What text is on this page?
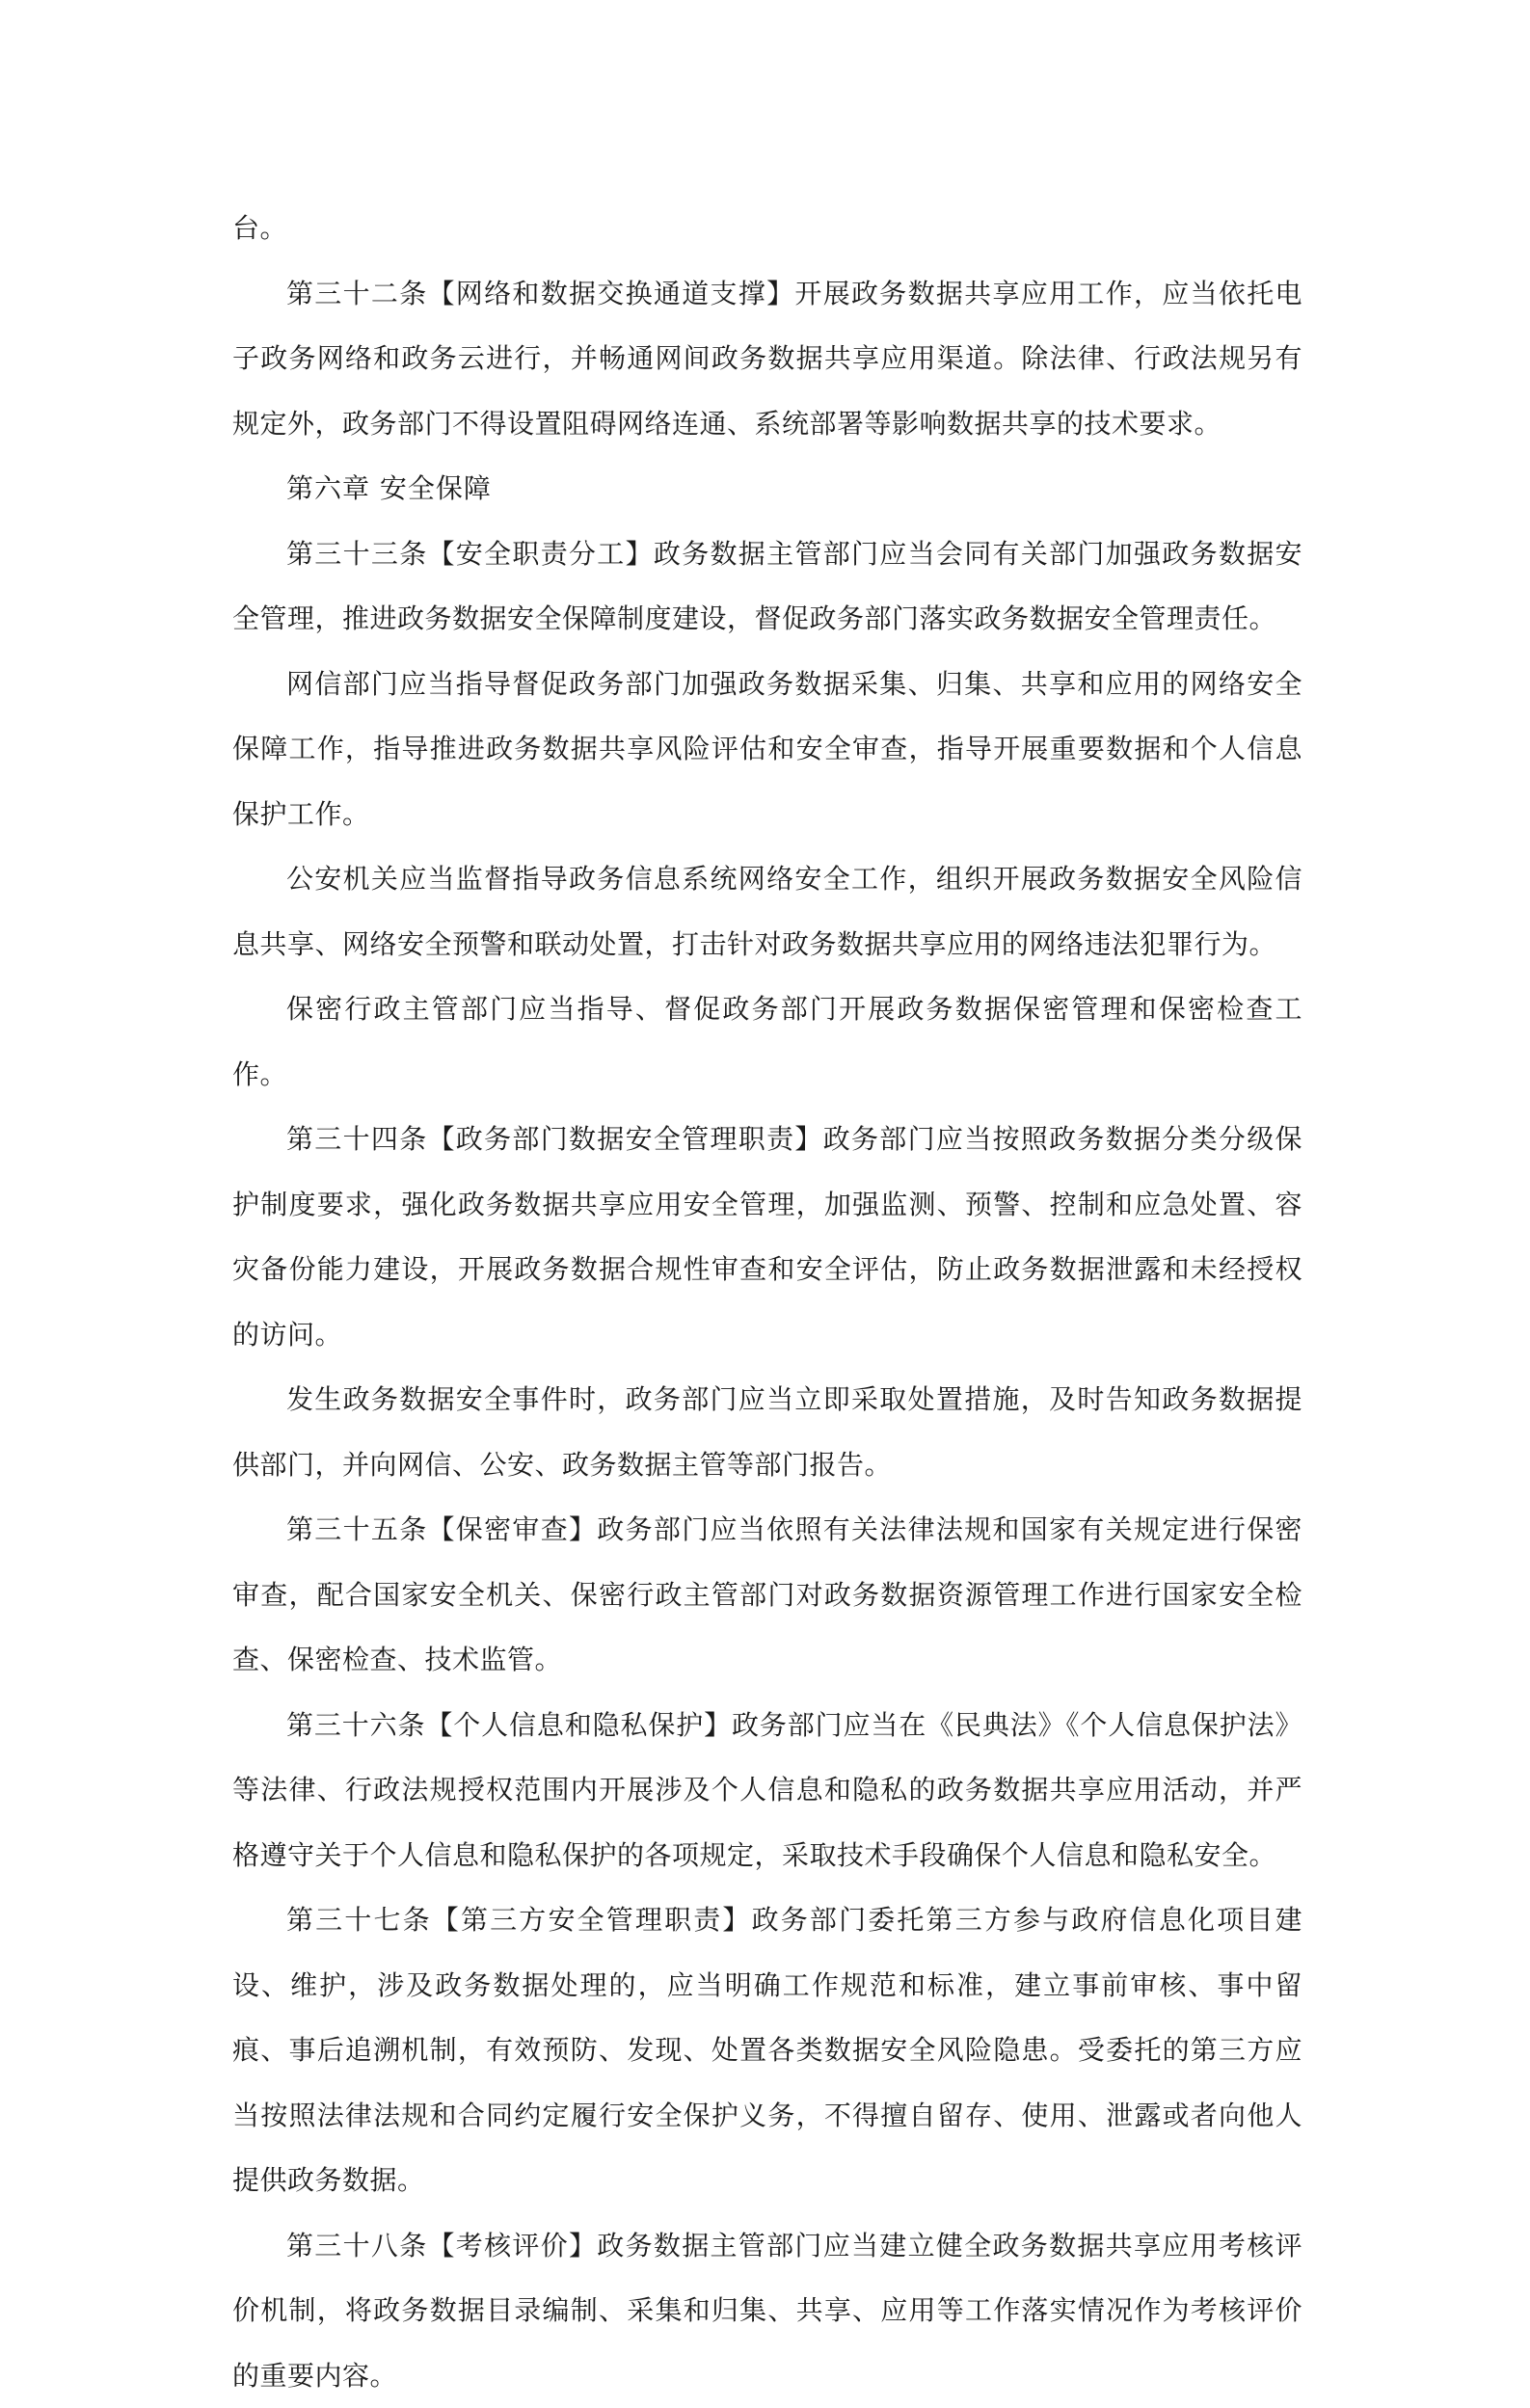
台。

第三十二条【网络和数据交换通道支撑】开展政务数据共享应用工作，应当依托电子政务网络和政务云进行，并畅通网间政务数据共享应用渠道。除法律、行政法规另有规定外，政务部门不得设置阻碍网络连通、系统部署等影响数据共享的技术要求。

第六章 安全保障

第三十三条【安全职责分工】政务数据主管部门应当会同有关部门加强政务数据安全管理，推进政务数据安全保障制度建设，督促政务部门落实政务数据安全管理责任。

网信部门应当指导督促政务部门加强政务数据采集、归集、共享和应用的网络安全保障工作，指导推进政务数据共享风险评估和安全审查，指导开展重要数据和个人信息保护工作。

公安机关应当监督指导政务信息系统网络安全工作，组织开展政务数据安全风险信息共享、网络安全预警和联动处置，打击针对政务数据共享应用的网络违法犯罪行为。

保密行政主管部门应当指导、督促政务部门开展政务数据保密管理和保密检查工作。

第三十四条【政务部门数据安全管理职责】政务部门应当按照政务数据分类分级保护制度要求，强化政务数据共享应用安全管理，加强监测、预警、控制和应急处置、容灾备份能力建设，开展政务数据合规性审查和安全评估，防止政务数据泄露和未经授权的访问。

发生政务数据安全事件时，政务部门应当立即采取处置措施，及时告知政务数据提供部门，并向网信、公安、政务数据主管等部门报告。

第三十五条【保密审查】政务部门应当依照有关法律法规和国家有关规定进行保密审查，配合国家安全机关、保密行政主管部门对政务数据资源管理工作进行国家安全检查、保密检查、技术监管。

第三十六条【个人信息和隐私保护】政务部门应当在《民典法》《个人信息保护法》等法律、行政法规授权范围内开展涉及个人信息和隐私的政务数据共享应用活动，并严格遵守关于个人信息和隐私保护的各项规定，采取技术手段确保个人信息和隐私安全。

第三十七条【第三方安全管理职责】政务部门委托第三方参与政府信息化项目建设、维护，涉及政务数据处理的，应当明确工作规范和标准，建立事前审核、事中留痕、事后追溯机制，有效预防、发现、处置各类数据安全风险隐患。受委托的第三方应当按照法律法规和合同约定履行安全保护义务，不得擅自留存、使用、泄露或者向他人提供政务数据。

第三十八条【考核评价】政务数据主管部门应当建立健全政务数据共享应用考核评价机制，将政务数据目录编制、采集和归集、共享、应用等工作落实情况作为考核评价的重要内容。
